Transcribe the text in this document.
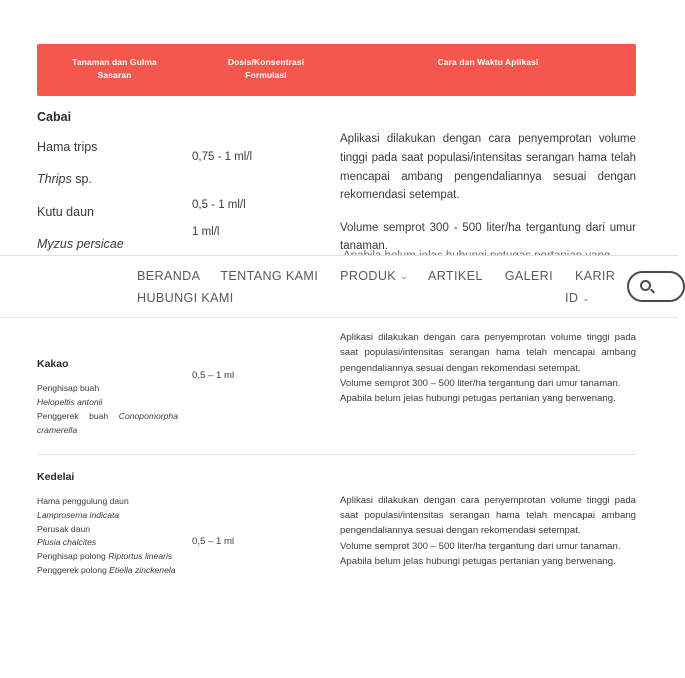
Tanaman dan Gulma
Sasaran
Dosis/Konsentrasi
Formulasi
Cara dan Waktu Aplikasi
Cabai
Hama trips
Thrips sp.
Kutu daun
Myzus persicae
0,75 - 1 ml/l
0,5 - 1 ml/l
1 ml/l

Aplikasi dilakukan dengan cara penyemprotan volume tinggi pada saat populasi/intensitas serangan hama telah mencapai ambang pengendaliannya sesuai dengan rekomendasi setempat.

Volume semprot 300 - 500 liter/ha tergantung dari umur tanaman.

BERANDA TENTANG KAMI PRODUK ⌄ ARTIKEL GALERI KARIR
HUBUNGI KAMI	ID ⌄
Kakao
Penghisap buah
Helopeltis antonii
Penggerek buah Conopomorpha cramerella
0,5 – 1 ml

Aplikasi dilakukan dengan cara penyemprotan volume tinggi pada saat populasi/intensitas serangan hama telah mencapai ambang pengendaliannya sesuai dengan rekomendasi setempat.

Volume semprot 300 – 500 liter/ha tergantung dari umur tanaman.

Apabila belum jelas hubungi petugas pertanian yang berwenang.

Kedelai
Hama penggulung daun
Lamprosema indicata
Perusak daun
Plusia chalcites
Penghisap polong Riptortus linearis
Penggerek polong Etiella zinckenela
0,5 – 1 ml

Aplikasi dilakukan dengan cara penyemprotan volume tinggi pada saat populasi/intensitas serangan hama telah mencapai ambang pengendaliannya sesuai dengan rekomendasi setempat.

Volume semprot 300 – 500 liter/ha tergantung dari umur tanaman.

Apabila belum jelas hubungi petugas pertanian yang berwenang.
